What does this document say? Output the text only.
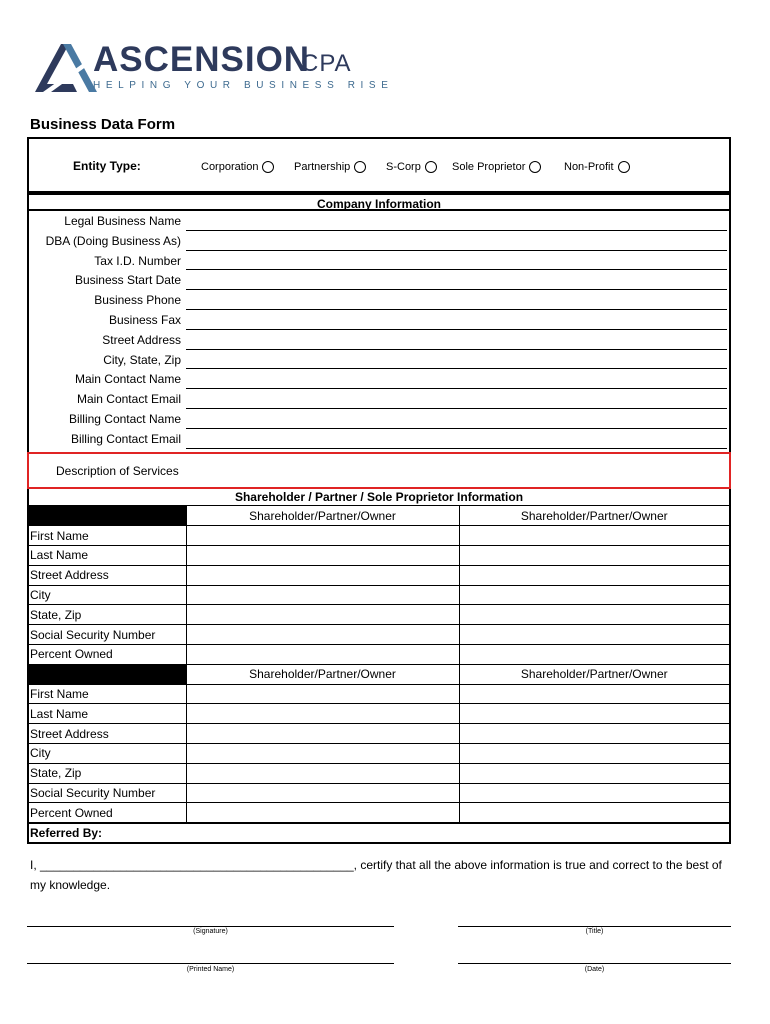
ASCENSION
CPA
HELPING YOUR BUSINESS RISE
Business Data Form
Entity Type:	Corporation	Partnership	S-Corp	Sole Proprietor	Non-Profit
Company Information
Legal Business Name
DBA (Doing Business As)
Tax I.D. Number
Business Start Date
Business Phone
Business Fax
Street Address
City, State, Zip
Main Contact Name
Main Contact Email
Billing Contact Name
Billing Contact Email
Description of Services
Shareholder / Partner / Sole Proprietor Information
	Shareholder/Partner/Owner	Shareholder/Partner/Owner
First Name		
Last Name		
Street Address		
City		
State, Zip		
Social Security Number		
Percent Owned		
	Shareholder/Partner/Owner	Shareholder/Partner/Owner
First Name		
Last Name		
Street Address		
City		
State, Zip		
Social Security Number		
Percent Owned		
Referred By:
I, _______________________________________________, certify that all the above information is true and correct to the best of my knowledge.
(Signature)	(Title)
(Printed Name)	(Date)
